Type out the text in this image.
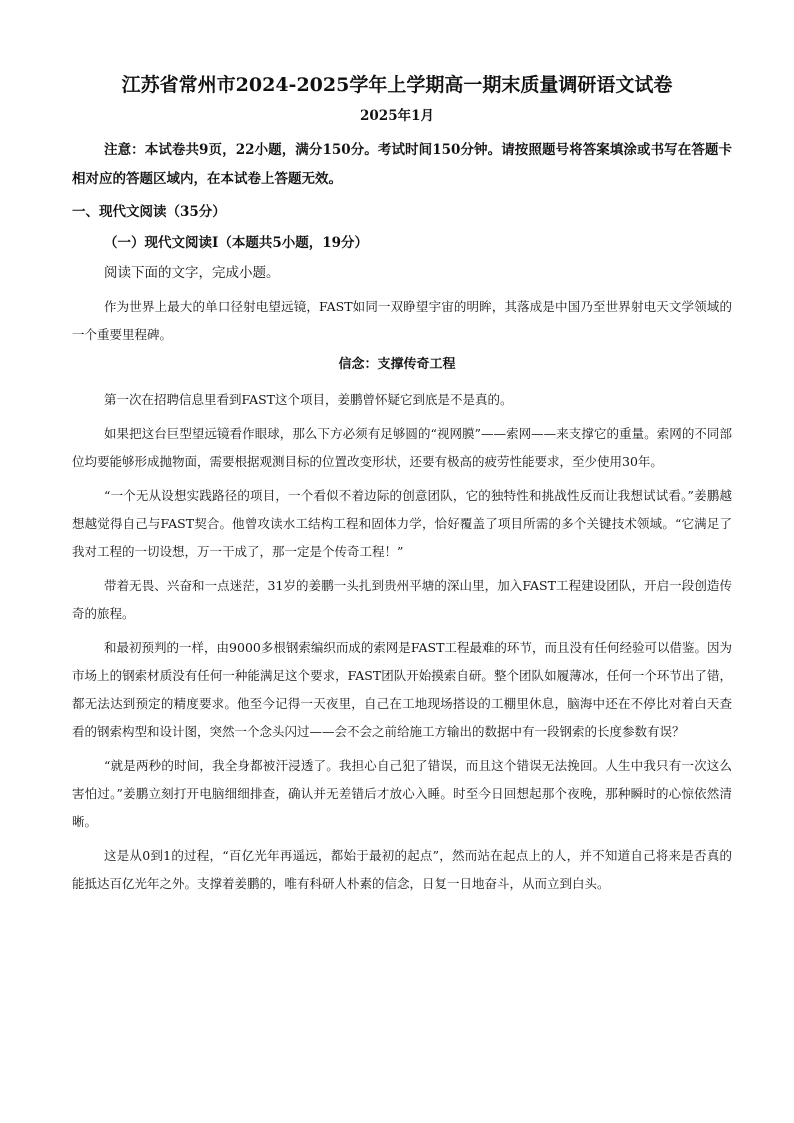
江苏省常州市2024-2025学年上学期高一期末质量调研语文试卷
2025年1月

注意：本试卷共9页，22小题，满分150分。考试时间150分钟。请按照题号将答案填涂或书写在答题卡相对应的答题区域内，在本试卷上答题无效。

一、现代文阅读（35分）
（一）现代文阅读Ⅰ（本题共5小题，19分）
阅读下面的文字，完成小题。

作为世界上最大的单口径射电望远镜，FAST如同一双睁望宇宙的明眸，其落成是中国乃至世界射电天文学领域的一个重要里程碑。

信念：支撑传奇工程

第一次在招聘信息里看到FAST这个项目，姜鹏曾怀疑它到底是不是真的。

如果把这台巨型望远镜看作眼球，那么下方必须有足够圆的“视网膜”——索网——来支撑它的重量。索网的不同部位均要能够形成抛物面，需要根据观测目标的位置改变形状，还要有极高的疲劳性能要求，至少使用30年。

“一个无从设想实践路径的项目，一个看似不着边际的创意团队，它的独特性和挑战性反而让我想试试看。”姜鹏越想越觉得自己与FAST契合。他曾攻读水工结构工程和固体力学，恰好覆盖了项目所需的多个关键技术领域。“它满足了我对工程的一切设想，万一干成了，那一定是个传奇工程！”

带着无畏、兴奋和一点迷茫，31岁的姜鹏一头扎到贵州平塘的深山里，加入FAST工程建设团队，开启一段创造传奇的旅程。

和最初预判的一样，由9000多根钢索编织而成的索网是FAST工程最难的环节，而且没有任何经验可以借鉴。因为市场上的钢索材质没有任何一种能满足这个要求，FAST团队开始摸索自研。整个团队如履薄冰，任何一个环节出了错，都无法达到预定的精度要求。他至今记得一天夜里，自己在工地现场搭设的工棚里休息，脑海中还在不停比对着白天查看的钢索构型和设计图，突然一个念头闪过——会不会之前给施工方输出的数据中有一段钢索的长度参数有误？

“就是两秒的时间，我全身都被汗浸透了。我担心自己犯了错误，而且这个错误无法挽回。人生中我只有一次这么害怕过。”姜鹏立刻打开电脑细细排查，确认并无差错后才放心入睡。时至今日回想起那个夜晚，那种瞬时的心惊依然清晰。

这是从0到1的过程，“百亿光年再遥远，都始于最初的起点”，然而站在起点上的人，并不知道自己将来是否真的能抵达百亿光年之外。支撑着姜鹏的，唯有科研人朴素的信念，日复一日地奋斗，从而立到白头。
